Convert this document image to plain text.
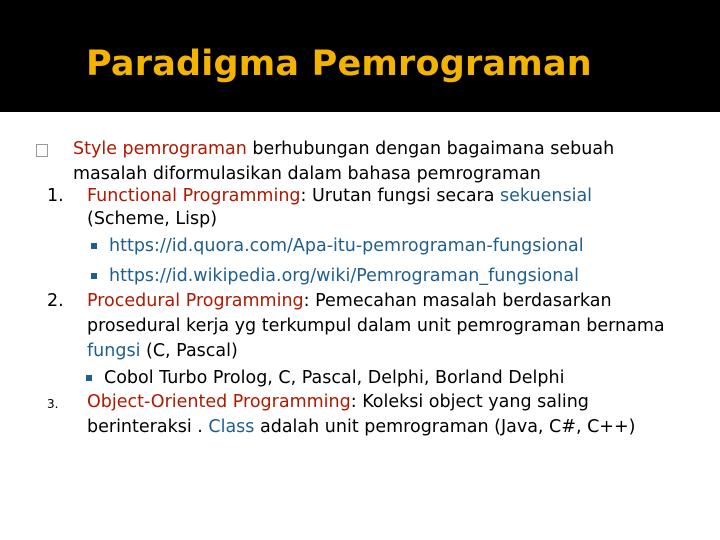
Paradigma Pemrograman
Style pemrograman berhubungan dengan bagaimana sebuah
masalah diformulasikan dalam bahasa pemrograman
1. Functional Programming: Urutan fungsi secara sekuensial
(Scheme, Lisp)
https://id.quora.com/Apa-itu-pemrograman-fungsional
https://id.wikipedia.org/wiki/Pemrograman_fungsional
2. Procedural Programming: Pemecahan masalah berdasarkan
prosedural kerja yg terkumpul dalam unit pemrograman bernama
fungsi (C, Pascal)
Cobol Turbo Prolog, C, Pascal, Delphi, Borland Delphi
3. Object-Oriented Programming: Koleksi object yang saling
berinteraksi . Class adalah unit pemrograman (Java, C#, C++)
